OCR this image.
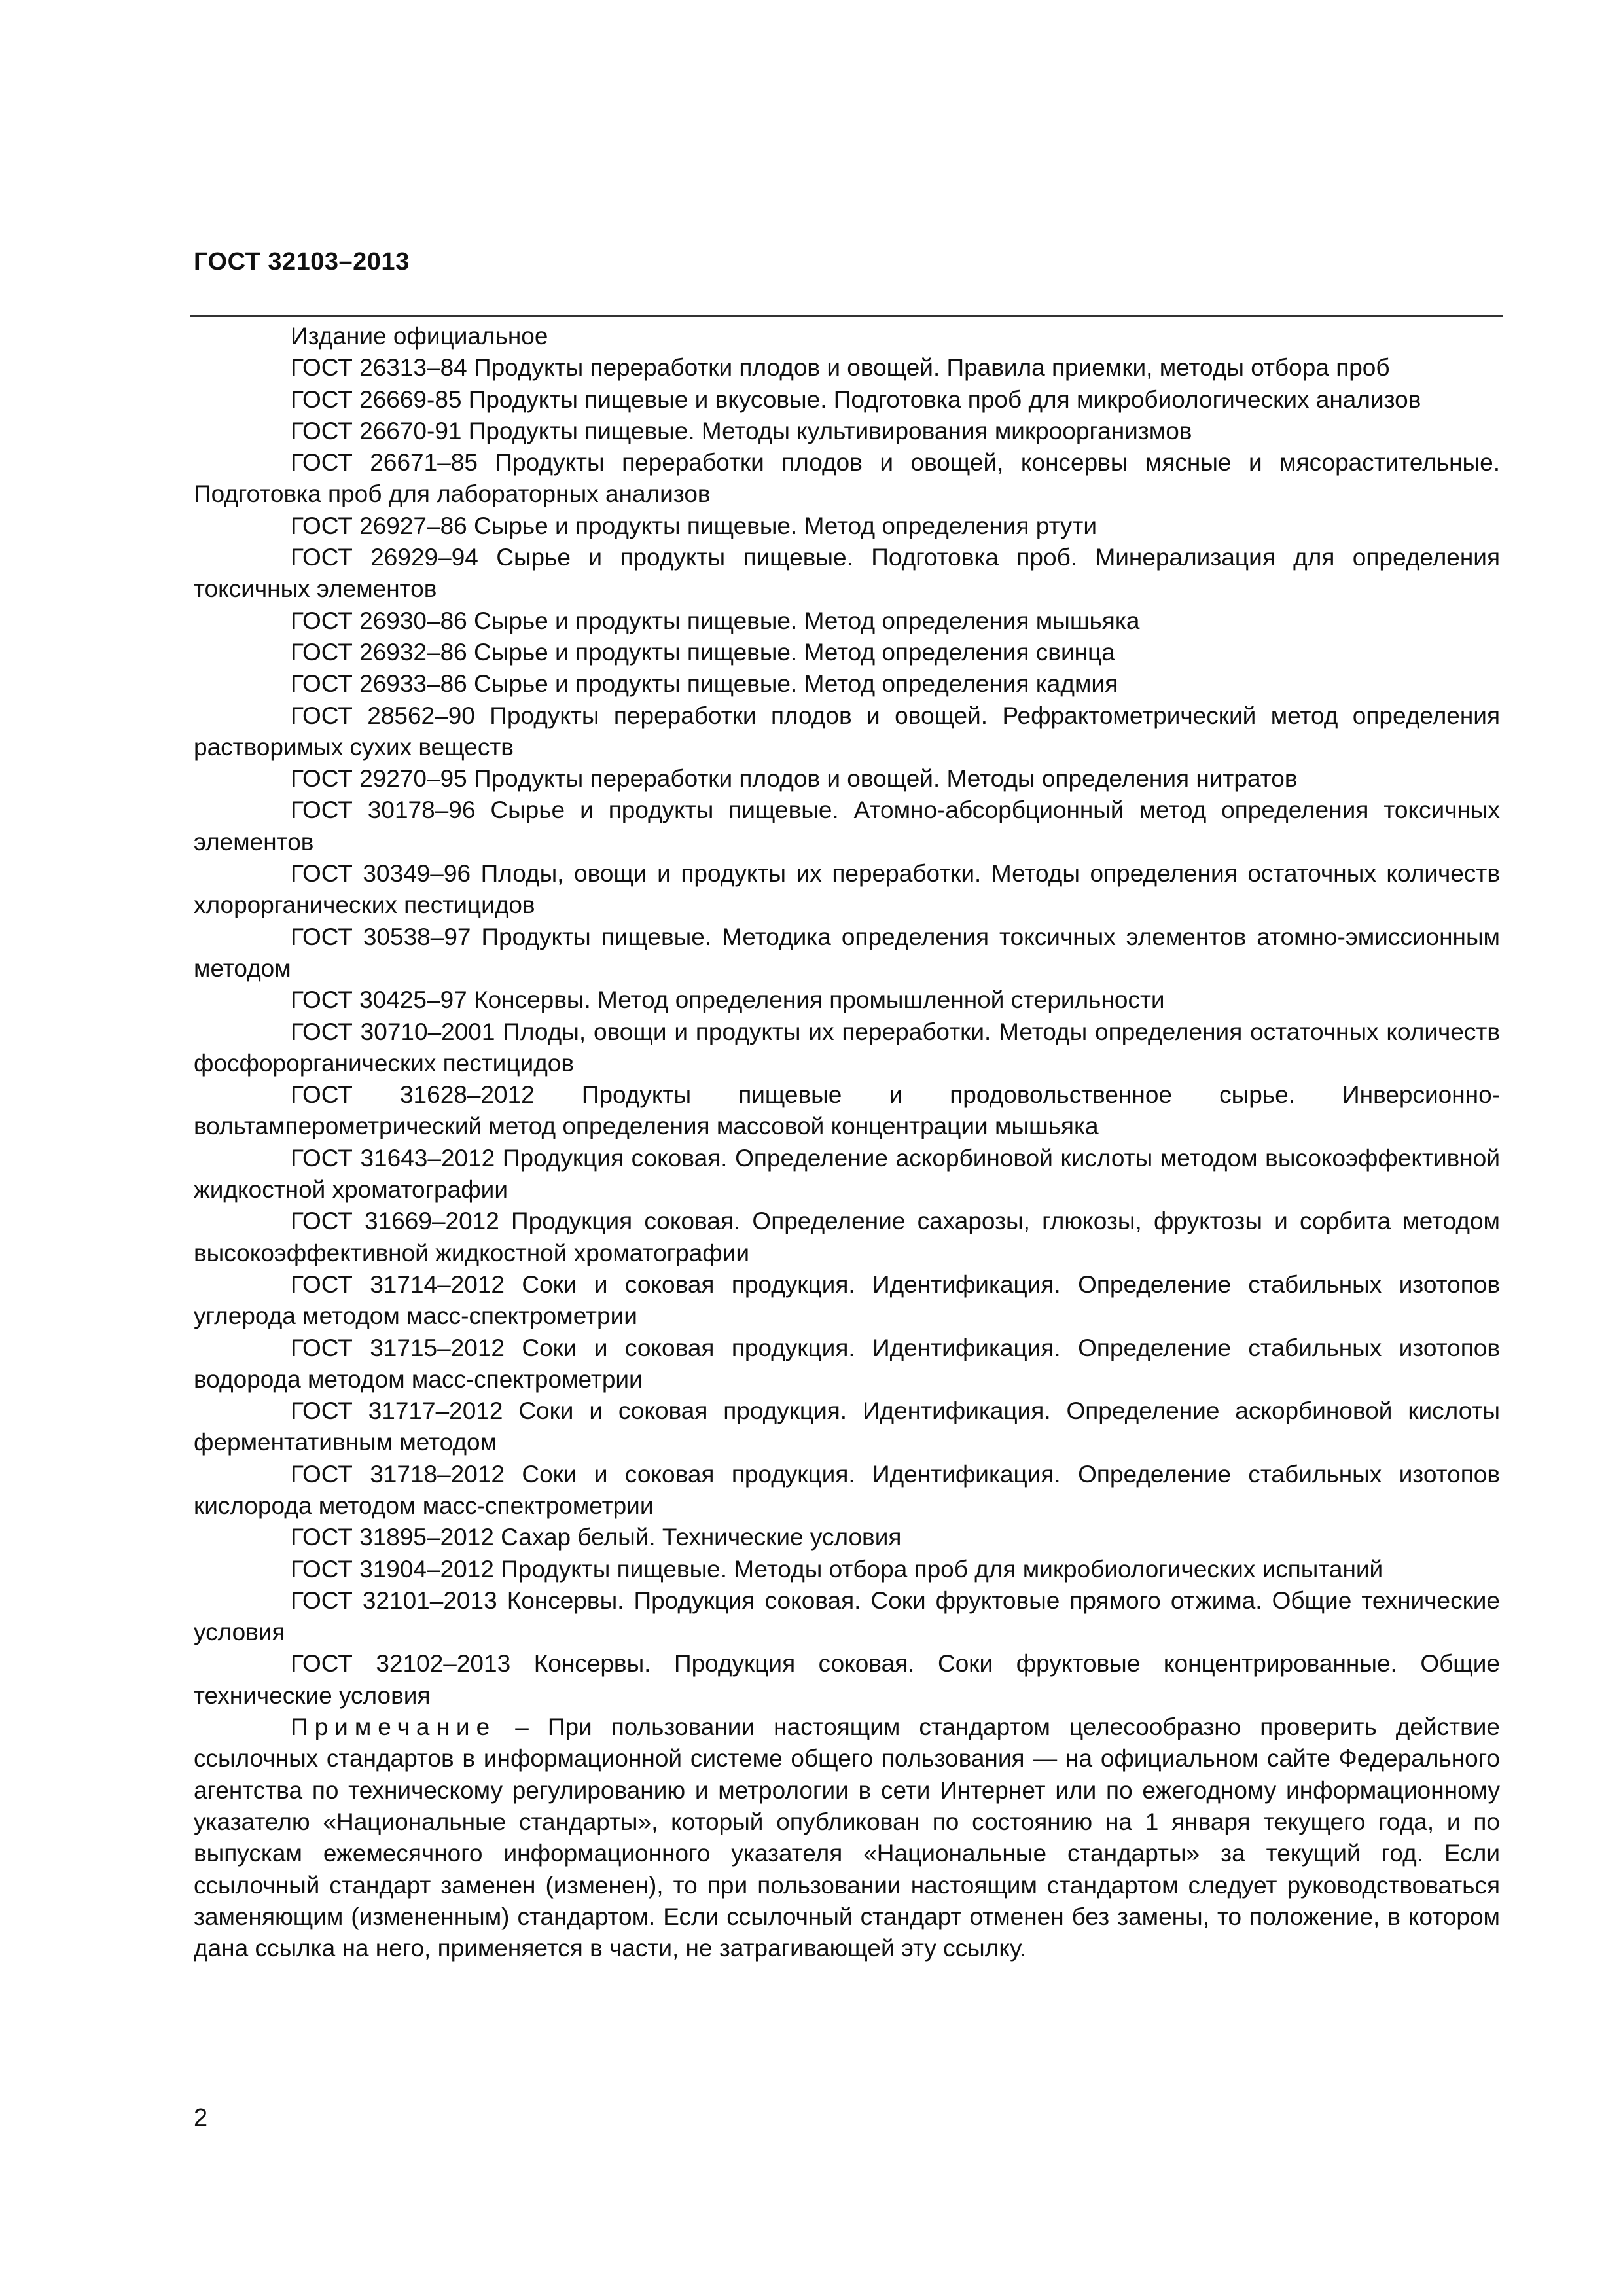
ГОСТ 32103–2013

Издание официальное

ГОСТ 26313–84 Продукты переработки плодов и овощей. Правила приемки, методы отбора проб

ГОСТ 26669-85 Продукты пищевые и вкусовые. Подготовка проб для микробиологических анализов

ГОСТ 26670-91 Продукты пищевые. Методы культивирования микроорганизмов

ГОСТ 26671–85 Продукты переработки плодов и овощей, консервы мясные и мясорастительные. Подготовка проб для лабораторных анализов

ГОСТ 26927–86 Сырье и продукты пищевые. Метод определения ртути

ГОСТ 26929–94 Сырье и продукты пищевые. Подготовка проб. Минерализация для определения токсичных элементов

ГОСТ 26930–86 Сырье и продукты пищевые. Метод определения мышьяка

ГОСТ 26932–86 Сырье и продукты пищевые. Метод определения свинца

ГОСТ 26933–86 Сырье и продукты пищевые. Метод определения кадмия

ГОСТ 28562–90 Продукты переработки плодов и овощей. Рефрактометрический метод определения растворимых сухих веществ

ГОСТ 29270–95 Продукты переработки плодов и овощей. Методы определения нитратов

ГОСТ 30178–96 Сырье и продукты пищевые. Атомно-абсорбционный метод определения токсичных элементов

ГОСТ 30349–96 Плоды, овощи и продукты их переработки. Методы определения остаточных количеств хлорорганических пестицидов

ГОСТ 30538–97 Продукты пищевые. Методика определения токсичных элементов атомно-эмиссионным методом

ГОСТ 30425–97 Консервы. Метод определения промышленной стерильности

ГОСТ 30710–2001 Плоды, овощи и продукты их переработки. Методы определения остаточных количеств фосфорорганических пестицидов

ГОСТ 31628–2012 Продукты пищевые и продовольственное сырье. Инверсионно-вольтамперометрический метод определения массовой концентрации мышьяка

ГОСТ 31643–2012 Продукция соковая. Определение аскорбиновой кислоты методом высокоэффективной жидкостной хроматографии

ГОСТ 31669–2012 Продукция соковая. Определение сахарозы, глюкозы, фруктозы и сорбита методом высокоэффективной жидкостной хроматографии

ГОСТ 31714–2012 Соки и соковая продукция. Идентификация. Определение стабильных изотопов углерода методом масс-спектрометрии

ГОСТ 31715–2012 Соки и соковая продукция. Идентификация. Определение стабильных изотопов водорода методом масс-спектрометрии

ГОСТ 31717–2012 Соки и соковая продукция. Идентификация. Определение аскорбиновой кислоты ферментативным методом

ГОСТ 31718–2012 Соки и соковая продукция. Идентификация. Определение стабильных изотопов кислорода методом масс-спектрометрии

ГОСТ 31895–2012 Сахар белый. Технические условия

ГОСТ 31904–2012 Продукты пищевые. Методы отбора проб для микробиологических испытаний

ГОСТ 32101–2013 Консервы. Продукция соковая. Соки фруктовые прямого отжима. Общие технические условия

ГОСТ 32102–2013 Консервы. Продукция соковая. Соки фруктовые концентрированные. Общие технические условия

Примечание – При пользовании настоящим стандартом целесообразно проверить действие ссылочных стандартов в информационной системе общего пользования — на официальном сайте Федерального агентства по техническому регулированию и метрологии в сети Интернет или по ежегодному информационному указателю «Национальные стандарты», который опубликован по состоянию на 1 января текущего года, и по выпускам ежемесячного информационного указателя «Национальные стандарты» за текущий год. Если ссылочный стандарт заменен (изменен), то при пользовании настоящим стандартом следует руководствоваться заменяющим (измененным) стандартом. Если ссылочный стандарт отменен без замены, то положение, в котором дана ссылка на него, применяется в части, не затрагивающей эту ссылку.

2
